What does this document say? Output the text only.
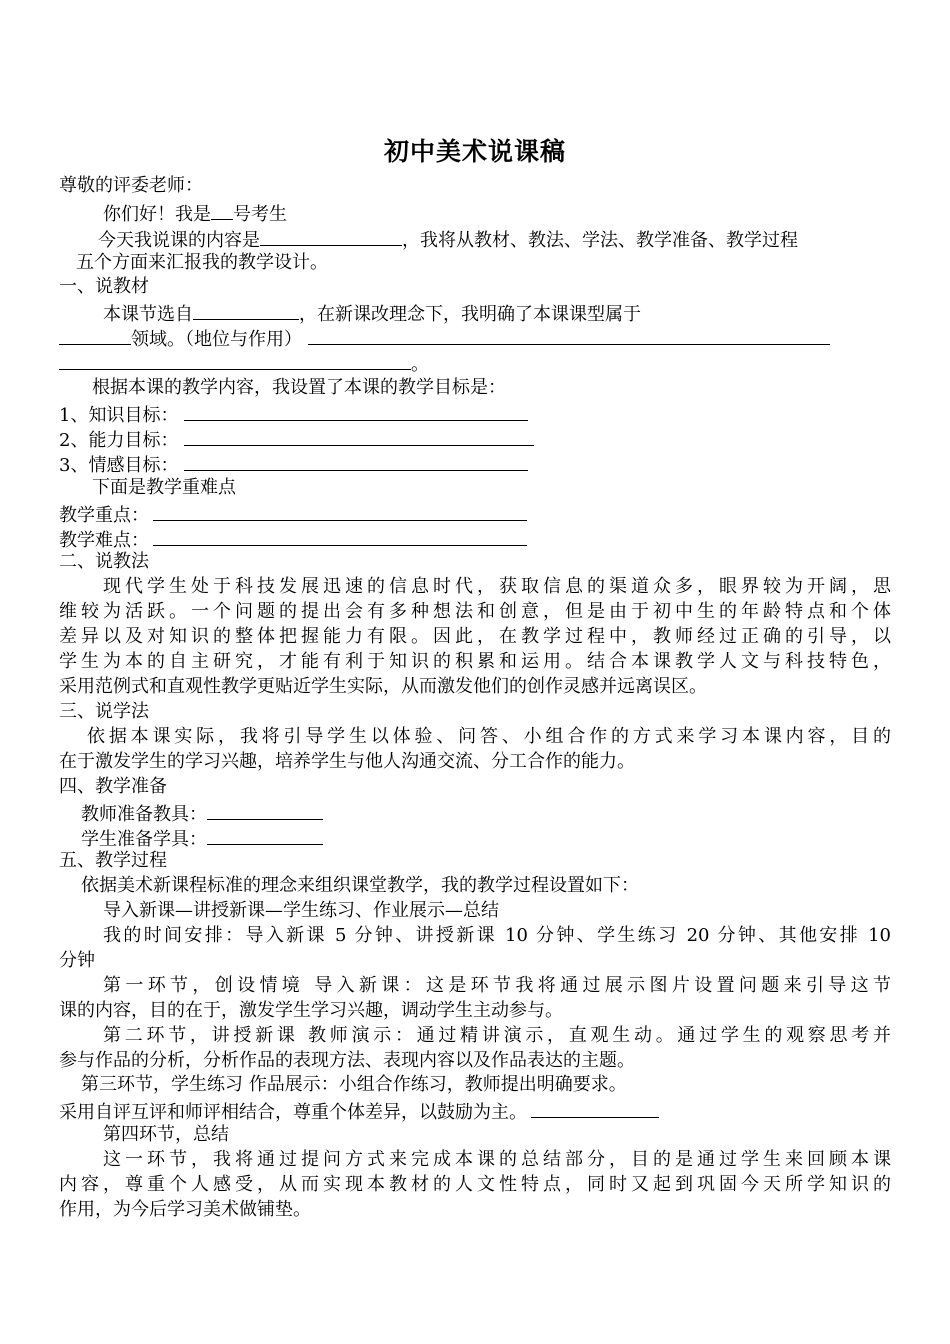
初中美术说课稿
尊敬的评委老师：
你们好！我是 号考生
今天我说课的内容是	，我将从教材、教法、学法、教学准备、教学过程
五个方面来汇报我的教学设计。
一、说教材
本课节选自	，在新课改理念下，我明确了本课课型属于
领域。（地位与作用）
。
根据本课的教学内容，我设置了本课的教学目标是：
1、知识目标：
2、能力目标：
3、情感目标：
下面是教学重难点
教学重点：
教学难点：
二、说教法
现代学生处于科技发展迅速的信息时代，获取信息的渠道众多，眼界较为开阔，思
维较为活跃。一个问题的提出会有多种想法和创意，但是由于初中生的年龄特点和个体
差异以及对知识的整体把握能力有限。因此，在教学过程中，教师经过正确的引导，以
学生为本的自主研究，才能有利于知识的积累和运用。结合本课教学人文与科技特色，
采用范例式和直观性教学更贴近学生实际，从而激发他们的创作灵感并远离误区。
三、说学法
依据本课实际，我将引导学生以体验、问答、小组合作的方式来学习本课内容，目的
在于激发学生的学习兴趣，培养学生与他人沟通交流、分工合作的能力。
四、教学准备
教师准备教具：
学生准备学具：
五、教学过程
依据美术新课程标准的理念来组织课堂教学，我的教学过程设置如下：
导入新课—讲授新课—学生练习、作业展示—总结
我的时间安排：导入新课 5 分钟、讲授新课 10 分钟、学生练习 20 分钟、其他安排 10
分钟
第一环节，创设情境 导入新课：这是环节我将通过展示图片设置问题来引导这节
课的内容，目的在于，激发学生学习兴趣，调动学生主动参与。
第二环节，讲授新课 教师演示：通过精讲演示，直观生动。通过学生的观察思考并
参与作品的分析，分析作品的表现方法、表现内容以及作品表达的主题。
第三环节，学生练习 作品展示：小组合作练习，教师提出明确要求。
采用自评互评和师评相结合，尊重个体差异，以鼓励为主。
第四环节，总结
这一环节，我将通过提问方式来完成本课的总结部分，目的是通过学生来回顾本课
内容，尊重个人感受，从而实现本教材的人文性特点，同时又起到巩固今天所学知识的
作用，为今后学习美术做铺垫。
